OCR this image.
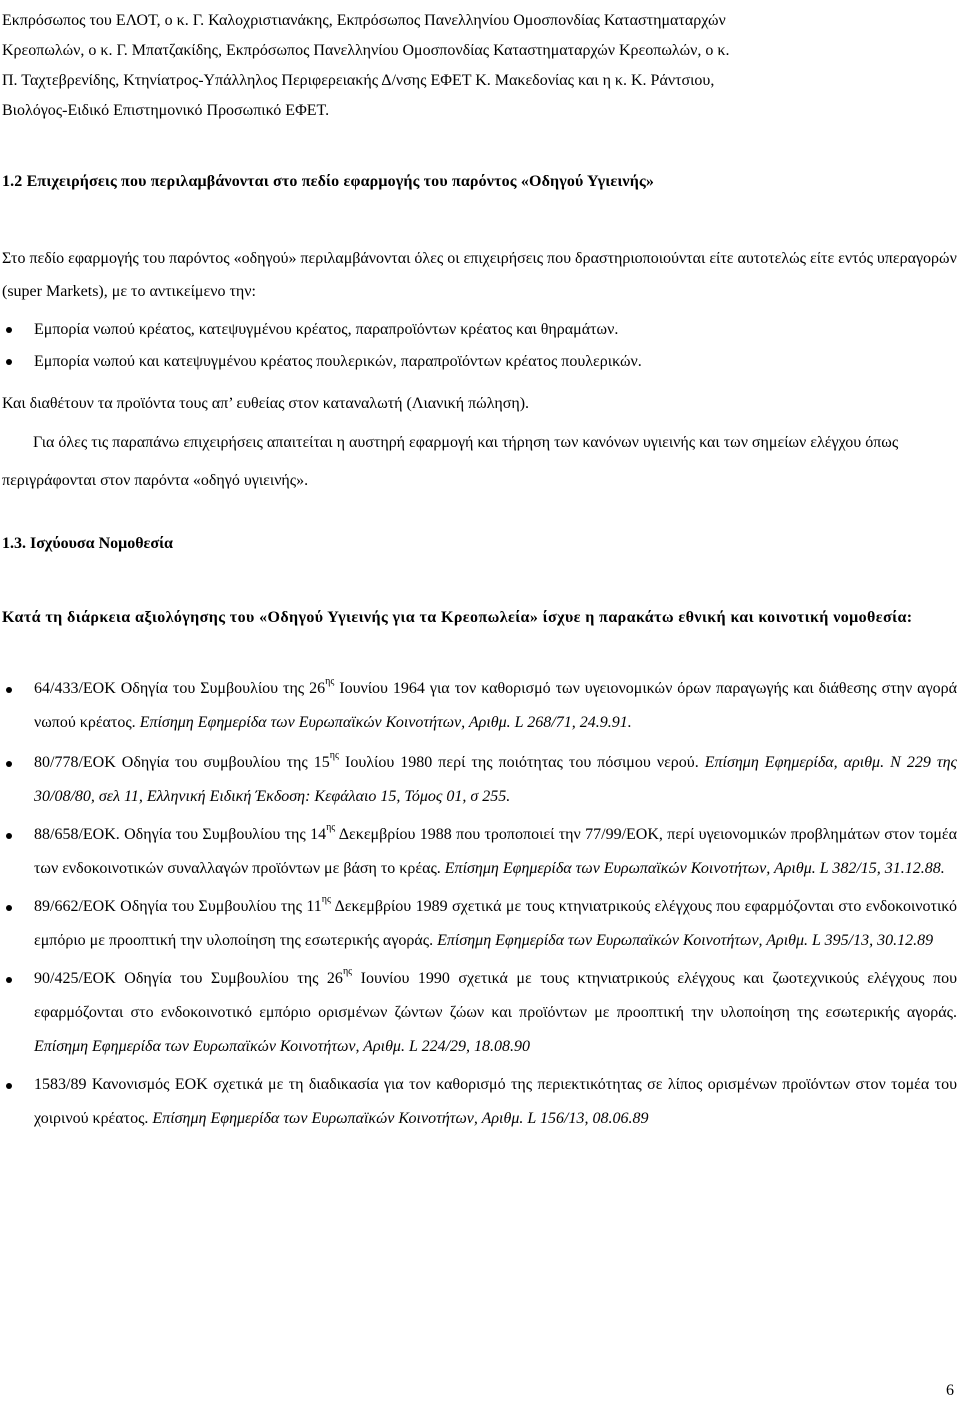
Εκπρόσωπος του ΕΛΟΤ, ο κ. Γ. Καλοχριστιανάκης, Εκπρόσωπος Πανελληνίου Ομοσπονδίας Καταστηματαρχών

Κρεοπωλών, ο κ. Γ. Μπατζακίδης, Εκπρόσωπος Πανελληνίου Ομοσπονδίας Καταστηματαρχών Κρεοπωλών, ο κ.

Π. Ταχτεβρενίδης, Κτηνίατρος-Υπάλληλος Περιφερειακής Δ/νσης ΕΦΕΤ Κ. Μακεδονίας και η κ. Κ. Ράντσιου,

Βιολόγος-Ειδικό Επιστημονικό Προσωπικό ΕΦΕΤ.

1.2 Επιχειρήσεις που περιλαμβάνονται στο πεδίο εφαρμογής του παρόντος «Οδηγού Υγιεινής»

Στο πεδίο εφαρμογής του παρόντος «οδηγού» περιλαμβάνονται όλες οι επιχειρήσεις που δραστηριοποιούνται είτε αυτοτελώς είτε εντός υπεραγορών (super Markets), με το αντικείμενο την:

Εμπορία νωπού κρέατος, κατεψυγμένου κρέατος, παραπροϊόντων κρέατος και θηραμάτων.
Εμπορία νωπού και κατεψυγμένου κρέατος πουλερικών, παραπροϊόντων κρέατος πουλερικών.

Και διαθέτουν τα προϊόντα τους απ’ ευθείας στον καταναλωτή (Λιανική πώληση).

Για όλες τις παραπάνω επιχειρήσεις απαιτείται η αυστηρή εφαρμογή και τήρηση των κανόνων υγιεινής και των σημείων ελέγχου όπως περιγράφονται στον παρόντα «οδηγό υγιεινής».

1.3. Ισχύουσα Νομοθεσία

Κατά τη διάρκεια αξιολόγησης του «Οδηγού Υγιεινής για τα Κρεοπωλεία» ίσχυε η παρακάτω εθνική και κοινοτική νομοθεσία:

64/433/ΕΟΚ Οδηγία του Συμβουλίου της $26^{\eta\varsigma}$ Ιουνίου 1964 για τον καθορισμό των υγειονομικών όρων παραγωγής και διάθεσης στην αγορά νωπού κρέατος. Επίσημη Εφημερίδα των Ευρωπαϊκών Κοινοτήτων, Αριθμ. L 268/71, 24.9.91.
80/778/ΕΟΚ Οδηγία του συμβουλίου της $15^{\eta\varsigma}$ Ιουλίου 1980 περί της ποιότητας του πόσιμου νερού. Επίσημη Εφημερίδα, αριθμ. Ν 229 της 30/08/80, σελ 11, Ελληνική Ειδική Έκδοση: Κεφάλαιο 15, Τόμος 01, σ 255.
88/658/ΕΟΚ. Οδηγία του Συμβουλίου της $14^{\eta\varsigma}$ Δεκεμβρίου 1988 που τροποποιεί την 77/99/ΕΟΚ, περί υγειονομικών προβλημάτων στον τομέα των ενδοκοινοτικών συναλλαγών προϊόντων με βάση το κρέας. Επίσημη Εφημερίδα των Ευρωπαϊκών Κοινοτήτων, Αριθμ. L 382/15, 31.12.88.
89/662/ΕΟΚ Οδηγία του Συμβουλίου της $11^{\eta\varsigma}$ Δεκεμβρίου 1989 σχετικά με τους κτηνιατρικούς ελέγχους που εφαρμόζονται στο ενδοκοινοτικό εμπόριο με προοπτική την υλοποίηση της εσωτερικής αγοράς. Επίσημη Εφημερίδα των Ευρωπαϊκών Κοινοτήτων, Αριθμ. L 395/13, 30.12.89
90/425/ΕΟΚ Οδηγία του Συμβουλίου της $26^{\eta\varsigma}$ Ιουνίου 1990 σχετικά με τους κτηνιατρικούς ελέγχους και ζωοτεχνικούς ελέγχους που εφαρμόζονται στο ενδοκοινοτικό εμπόριο ορισμένων ζώντων ζώων και προϊόντων με προοπτική την υλοποίηση της εσωτερικής αγοράς. Επίσημη Εφημερίδα των Ευρωπαϊκών Κοινοτήτων, Αριθμ. L 224/29, 18.08.90
1583/89 Κανονισμός ΕΟΚ σχετικά με τη διαδικασία για τον καθορισμό της περιεκτικότητας σε λίπος ορισμένων προϊόντων στον τομέα του χοιρινού κρέατος. Επίσημη Εφημερίδα των Ευρωπαϊκών Κοινοτήτων, Αριθμ. L 156/13, 08.06.89
6
